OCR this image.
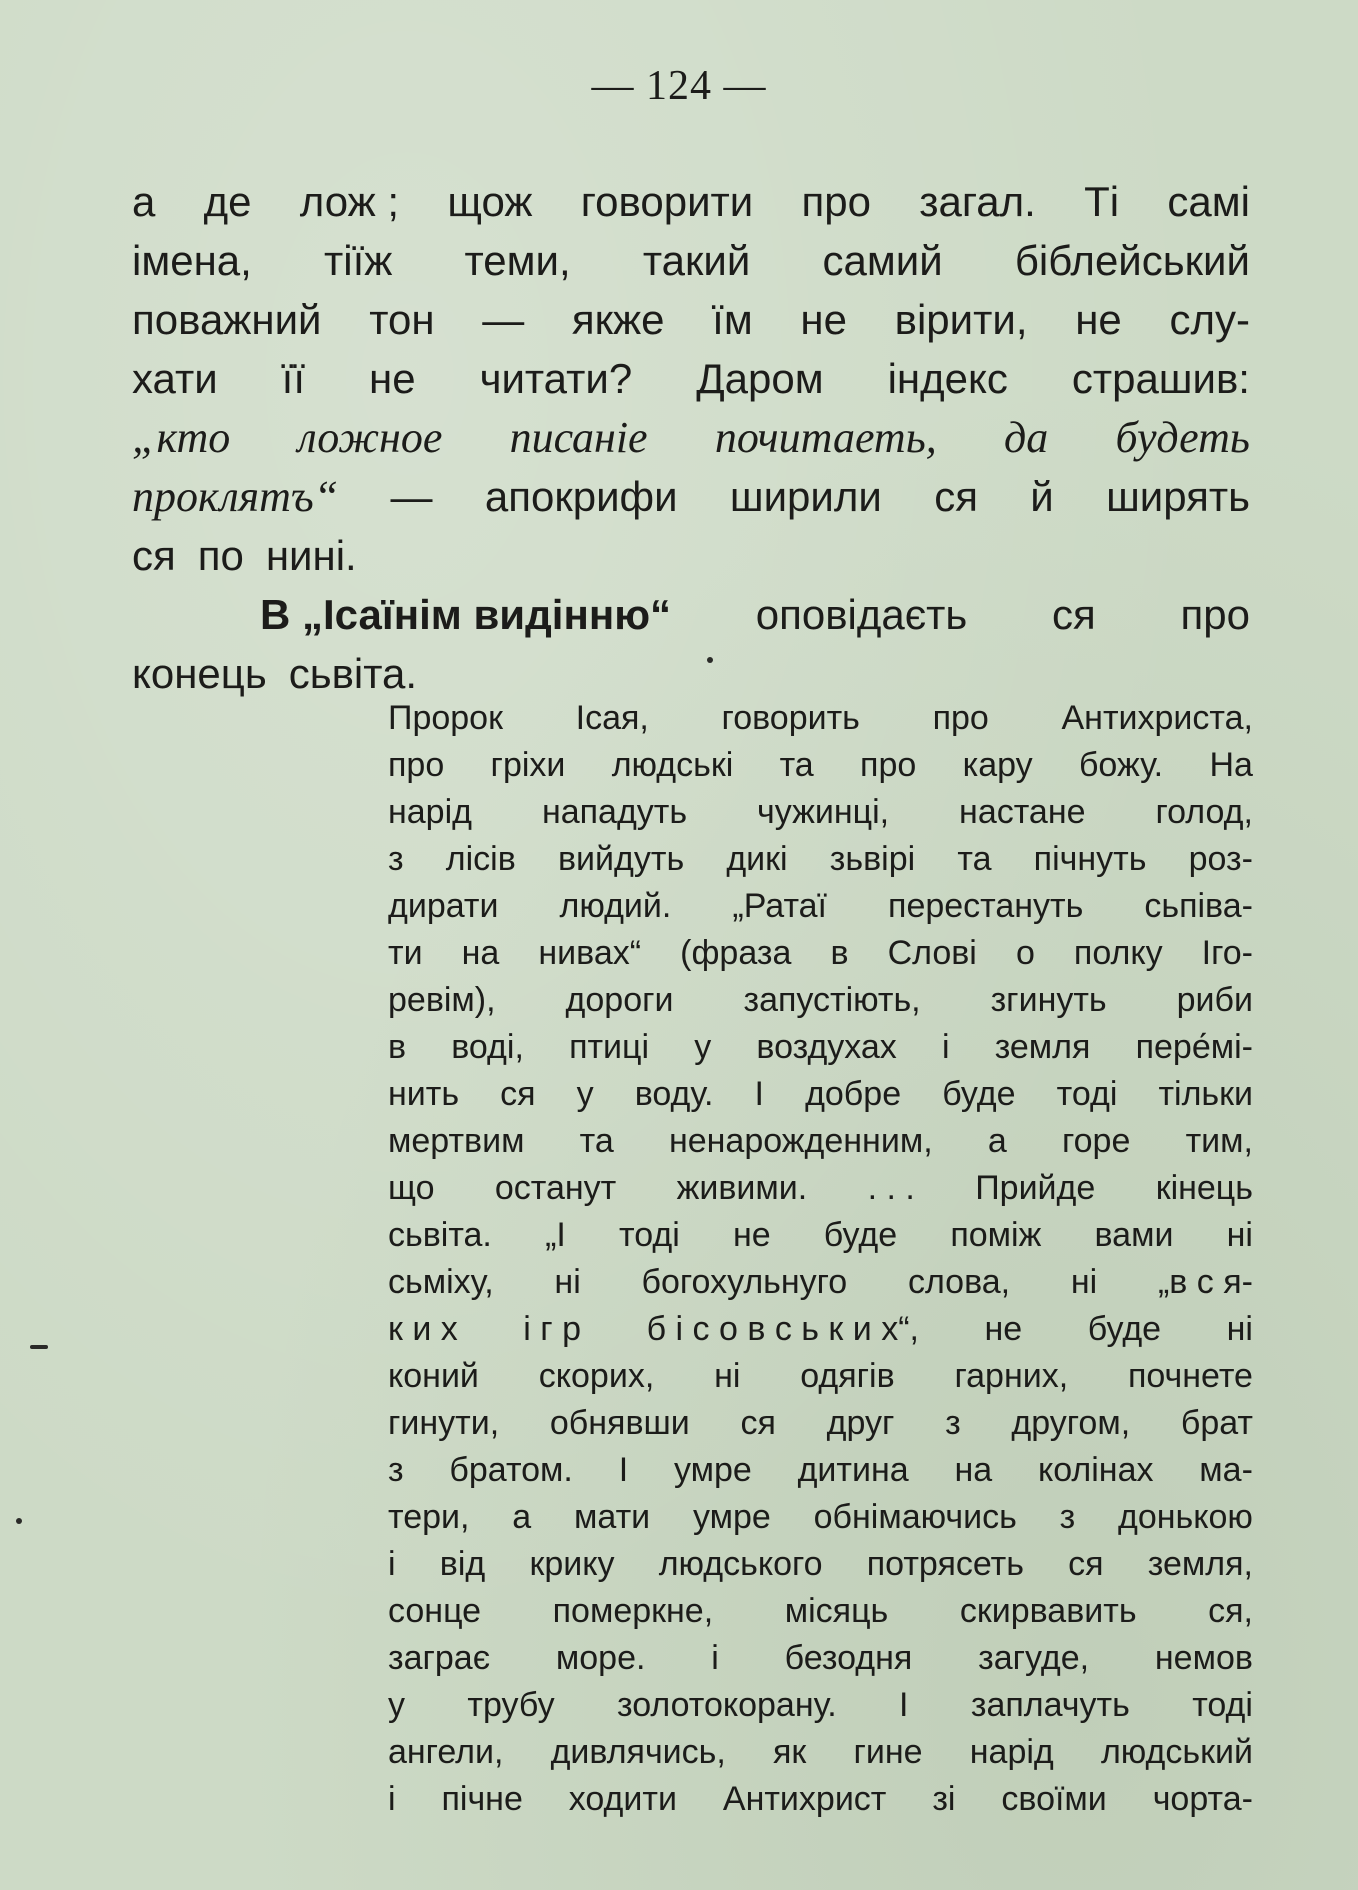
— 124 —
а де лож ; щож говорити про загал. Ті самі
імена, тіїж теми, такий самий біблейський
поважний тон — якже їм не вірити, не слу-
хати її не читати? Даром індекс страшив:
„кто ложное писаніе почитаеть, да будеть
прокляmъ“ — апокрифи ширили ся й ширять
ся по нині.
В „Ісаїнім видінню“ оповідаєть ся про
конець сьвіта.
Пророк Ісая, говорить про Антихриста,
про гріхи людські та про кару божу. На
нарід нападуть чужинці, настане голод,
з лісів вийдуть дикі зьвірі та пічнуть роз-
дирати людий. „Ратаї перестануть сьпіва-
ти на нивах“ (фраза в Слові о полку Іго-
ревім), дороги запустіють, згинуть риби
в воді, птиці у воздухах і земля пере́мі-
нить ся у воду. І добре буде тоді тільки
мертвим та ненарожденним, а горе тим,
що останут живими. . . . Прийде кінець
сьвіта. „І тоді не буде поміж вами ні
сьміху, ні богохульнуго слова, ні „в с я-
к и х і г р б і с о в с ь к и х“, не буде ні
коний скорих, ні одягів гарних, почнете
гинути, обнявши ся друг з другом, брат
з братом. І умре дитина на колінах ма-
тери, а мати умре обнімаючись з донькою
і від крику людського потрясеть ся земля,
сонце померкне, місяць скирвавить ся,
заграє море. і безодня загуде, немов
у трубу золотокорану. І заплачуть тоді
ангели, дивлячись, як гине нарід людський
і пічне ходити Антихрист зі своїми чорта-
